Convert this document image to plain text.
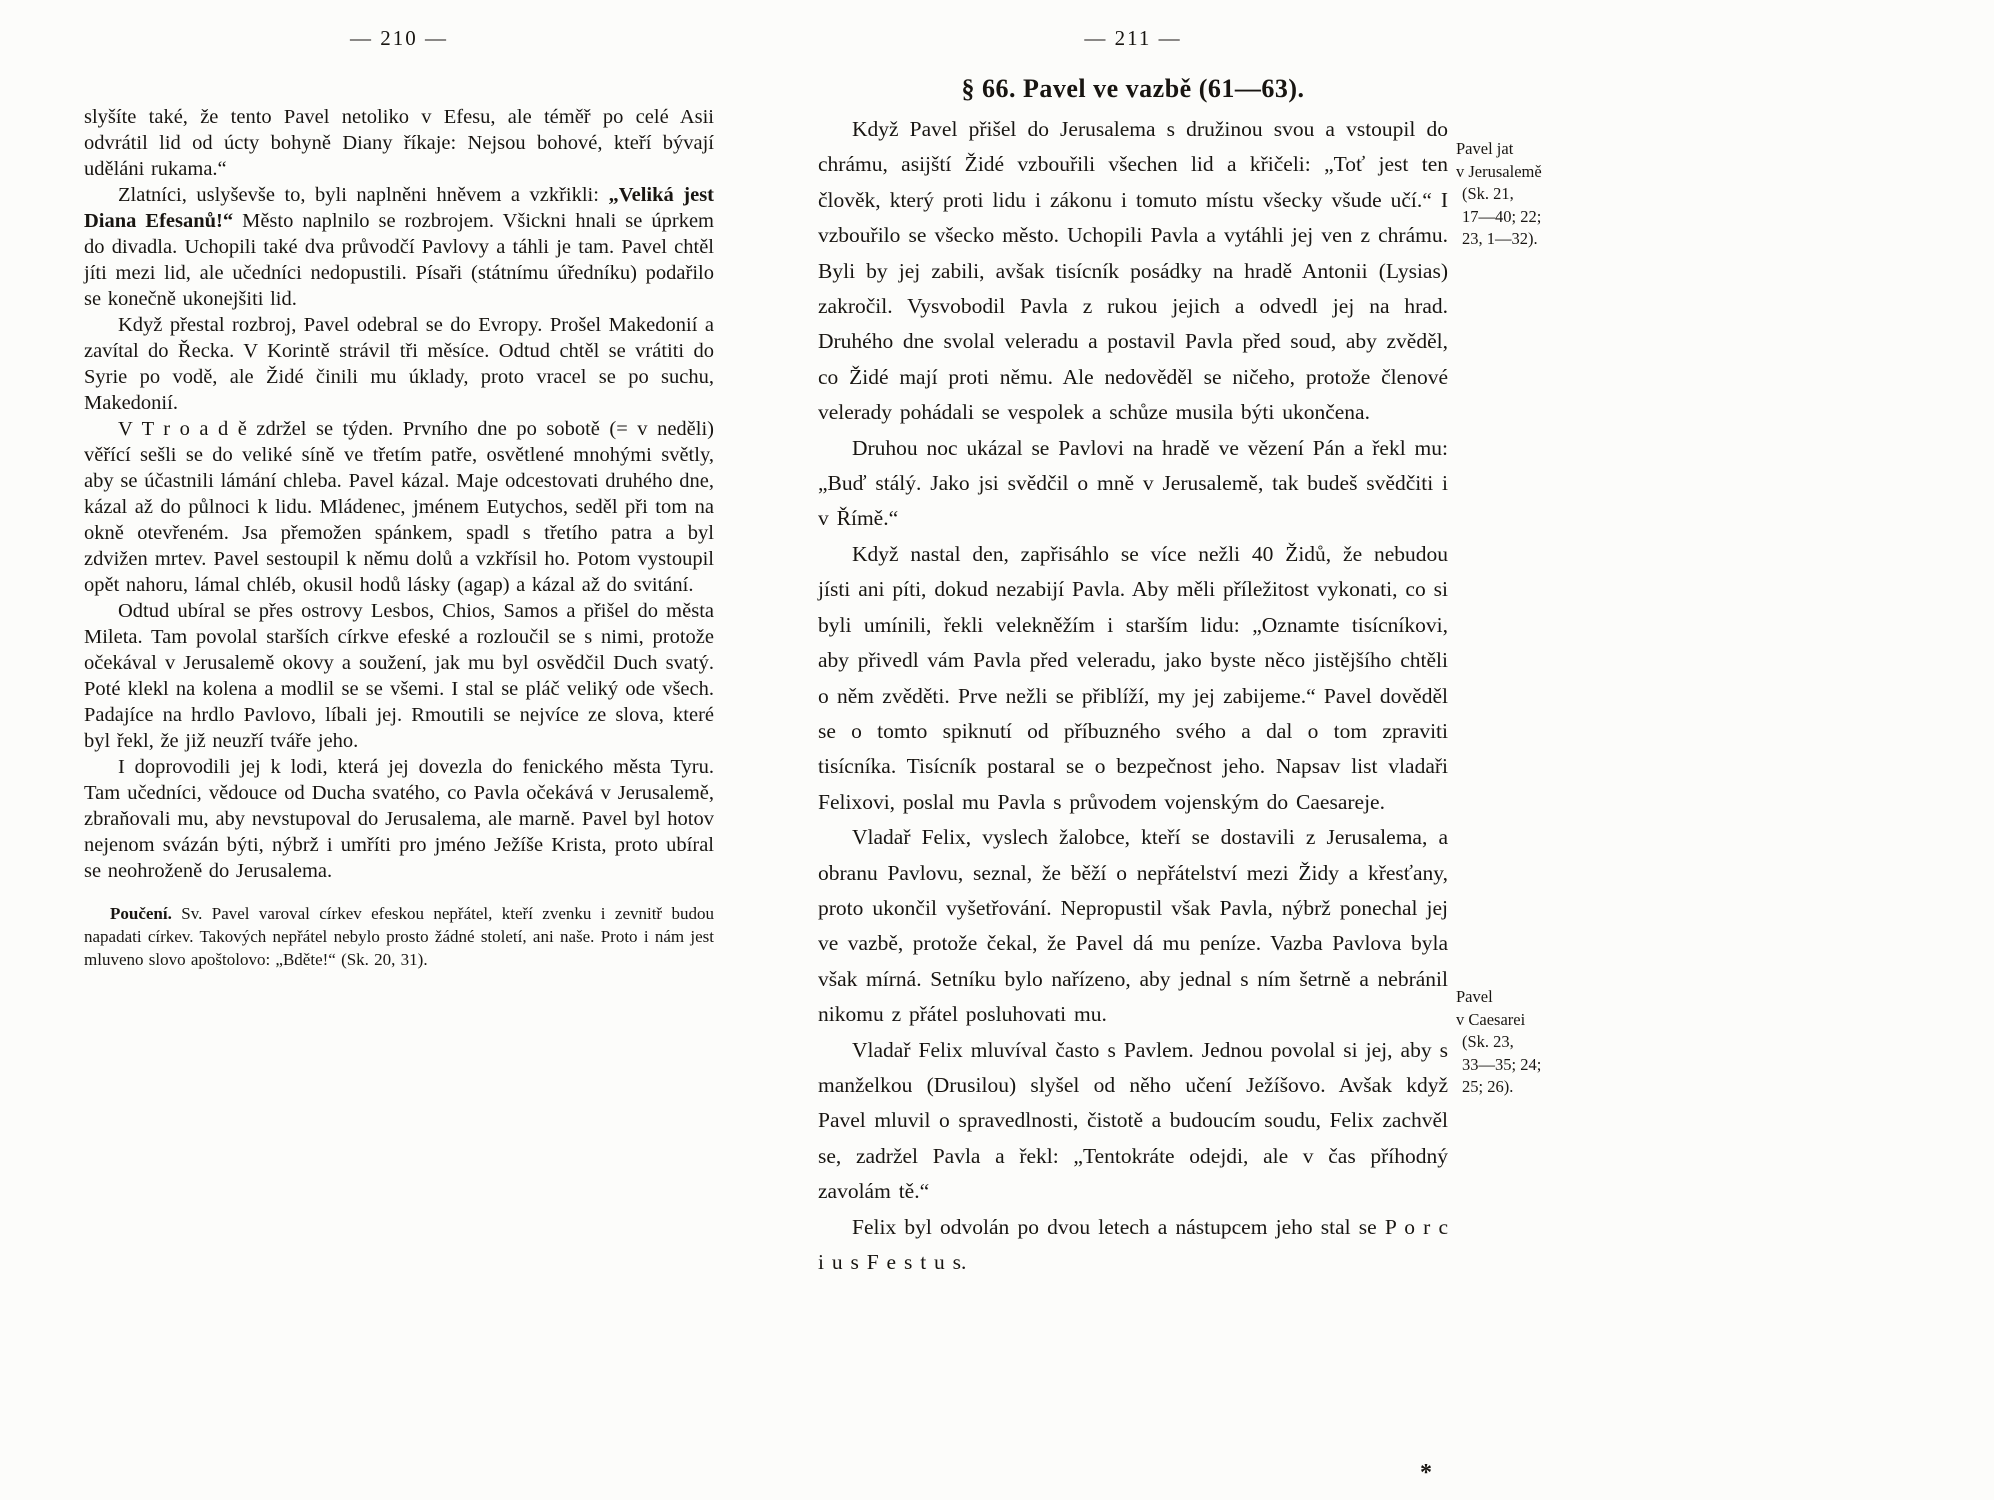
— 210 —

slyšíte také, že tento Pavel netoliko v Efesu, ale téměř po celé Asii odvrátil lid od úcty bohyně Diany říkaje: Nejsou bohové, kteří bývají uděláni rukama.“

Zlatníci, uslyševše to, byli naplněni hněvem a vzkřikli: „Veliká jest Diana Efesanů!“ Město naplnilo se rozbrojem. Všickni hnali se úprkem do divadla. Uchopili také dva průvodčí Pavlovy a táhli je tam. Pavel chtěl jíti mezi lid, ale učedníci nedopustili. Písaři (státnímu úředníku) podařilo se konečně ukonejšiti lid.

Když přestal rozbroj, Pavel odebral se do Evropy. Prošel Makedonií a zavítal do Řecka. V Korintě strávil tři měsíce. Odtud chtěl se vrátiti do Syrie po vodě, ale Židé činili mu úklady, proto vracel se po suchu, Makedonií.

V T r o a d ě zdržel se týden. Prvního dne po sobotě (= v neděli) věřící sešli se do veliké síně ve třetím patře, osvětlené mnohými světly, aby se účastnili lámání chleba. Pavel kázal. Maje odcestovati druhého dne, kázal až do půlnoci k lidu. Mládenec, jménem Eutychos, seděl při tom na okně otevřeném. Jsa přemožen spánkem, spadl s třetího patra a byl zdvižen mrtev. Pavel sestoupil k němu dolů a vzkřísil ho. Potom vystoupil opět nahoru, lámal chléb, okusil hodů lásky (agap) a kázal až do svitání.

Odtud ubíral se přes ostrovy Lesbos, Chios, Samos a přišel do města Mileta. Tam povolal starších církve efeské a rozloučil se s nimi, protože očekával v Jerusalemě okovy a soužení, jak mu byl osvědčil Duch svatý. Poté klekl na kolena a modlil se se všemi. I stal se pláč veliký ode všech. Padajíce na hrdlo Pavlovo, líbali jej. Rmoutili se nejvíce ze slova, které byl řekl, že již neuzří tváře jeho.

I doprovodili jej k lodi, která jej dovezla do fenického města Tyru. Tam učedníci, vědouce od Ducha svatého, co Pavla očekává v Jerusalemě, zbraňovali mu, aby nevstupoval do Jerusalema, ale marně. Pavel byl hotov nejenom svázán býti, nýbrž i umříti pro jméno Ježíše Krista, proto ubíral se neohroženě do Jerusalema.

Poučení. Sv. Pavel varoval církev efeskou nepřátel, kteří zvenku i zevnitř budou napadati církev. Takových nepřátel nebylo prosto žádné století, ani naše. Proto i nám jest mluveno slovo apoštolovo: „Bděte!“ (Sk. 20, 31).

— 211 —
§ 66. Pavel ve vazbě (61—63).

Když Pavel přišel do Jerusalema s družinou svou a vstoupil do chrámu, asijští Židé vzbouřili všechen lid a křičeli: „Toť jest ten člověk, který proti lidu i zákonu i tomuto místu všecky všude učí.“ I vzbouřilo se všecko město. Uchopili Pavla a vytáhli jej ven z chrámu. Byli by jej zabili, avšak tisícník posádky na hradě Antonii (Lysias) zakročil. Vysvobodil Pavla z rukou jejich a odvedl jej na hrad. Druhého dne svolal veleradu a postavil Pavla před soud, aby zvěděl, co Židé mají proti němu. Ale nedověděl se ničeho, protože členové velerady pohádali se vespolek a schůze musila býti ukončena.

Druhou noc ukázal se Pavlovi na hradě ve vězení Pán a řekl mu: „Buď stálý. Jako jsi svědčil o mně v Jerusalemě, tak budeš svědčiti i v Římě.“

Když nastal den, zapřisáhlo se více nežli 40 Židů, že nebudou jísti ani píti, dokud nezabijí Pavla. Aby měli příležitost vykonati, co si byli umínili, řekli velekněžím i starším lidu: „Oznamte tisícníkovi, aby přivedl vám Pavla před veleradu, jako byste něco jistějšího chtěli o něm zvěděti. Prve nežli se přiblíží, my jej zabijeme.“ Pavel dověděl se o tomto spiknutí od příbuzného svého a dal o tom zpraviti tisícníka. Tisícník postaral se o bezpečnost jeho. Napsav list vladaři Felixovi, poslal mu Pavla s průvodem vojenským do Caesareje.

Vladař Felix, vyslech žalobce, kteří se dostavili z Jerusalema, a obranu Pavlovu, seznal, že běží o nepřátelství mezi Židy a křesťany, proto ukončil vyšetřování. Nepropustil však Pavla, nýbrž ponechal jej ve vazbě, protože čekal, že Pavel dá mu peníze. Vazba Pavlova byla však mírná. Setníku bylo nařízeno, aby jednal s ním šetrně a nebránil nikomu z přátel posluhovati mu.

Vladař Felix mluvíval často s Pavlem. Jednou povolal si jej, aby s manželkou (Drusilou) slyšel od něho učení Ježíšovo. Avšak když Pavel mluvil o spravedlnosti, čistotě a budoucím soudu, Felix zachvěl se, zadržel Pavla a řekl: „Tentokráte odejdi, ale v čas příhodný zavolám tě.“

Felix byl odvolán po dvou letech a nástupcem jeho stal se P o r c i u s F e s t u s.

Pavel jat
v Jerusalemě
(Sk. 21,
17—40; 22;
23, 1—32).
Pavel
v Caesarei
(Sk. 23,
33—35; 24;
25; 26).
*
